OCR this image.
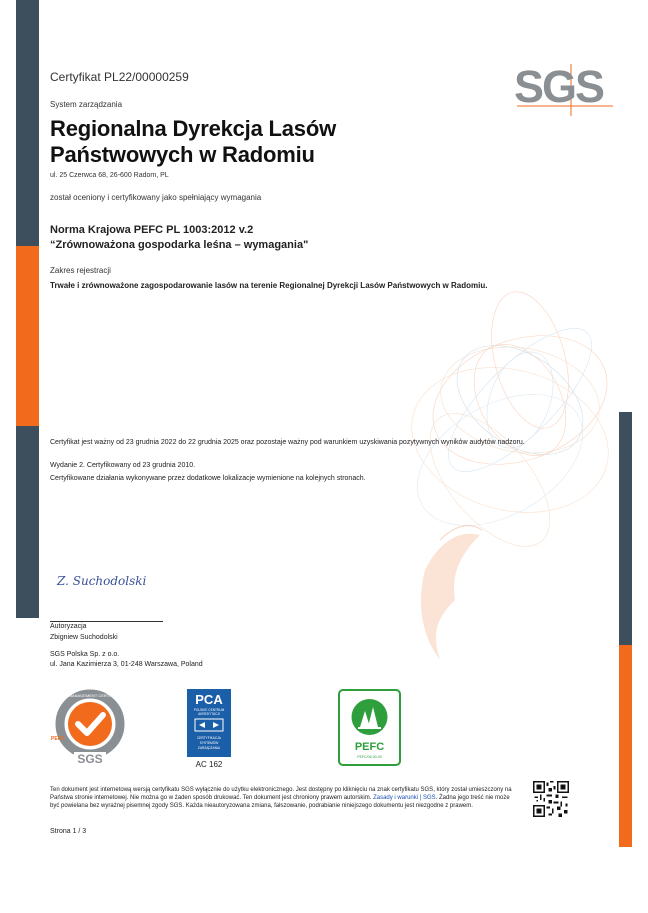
SGS
Certyfikat PL22/00000259
System zarządzania
Regionalna Dyrekcja Lasów
Państwowych w Radomiu
ul. 25 Czerwca 68, 26-600 Radom, PL
został oceniony i certyfikowany jako spełniający wymagania
Norma Krajowa PEFC PL 1003:2012 v.2
“Zrównoważona gospodarka leśna – wymagania"
Zakres rejestracji
Trwałe i zrównoważone zagospodarowanie lasów na terenie Regionalnej Dyrekcji Lasów Państwowych w Radomiu.
Certyfikat jest ważny od 23 grudnia 2022 do 22 grudnia 2025 oraz pozostaje ważny pod warunkiem uzyskiwania pozytywnych wyników audytów nadzoru.
Wydanie 2. Certyfikowany od 23 grudnia 2010.
Certyfikowane działania wykonywane przez dodatkowe lokalizacje wymienione na kolejnych stronach.
Z. Suchodolski
Autoryzacja
Zbigniew Suchodolski
SGS Polska Sp. z o.o.
ul. Jana Kazimierza 3, 01-248 Warszawa, Poland
FOREST MANAGEMENT CERTIFICATION
PEFC
SGS
PCA
POLSKIE CENTRUM
AKREDYTACJI
CERTYFIKACJA
SYSTEMÓW
ZARZĄDZANIA
AC 162
PEFC
PEFC/06-00-00
Ten dokument jest internetową wersją certyfikatu SGS wyłącznie do użytku elektronicznego. Jest dostępny po kliknięciu na znak certyfikatu SGS, który został umieszczony na Państwa stronie internetowej. Nie można go w żaden sposób drukować. Ten dokument jest chroniony prawem autorskim. Zasady i warunki | SGS. Żadna jego treść nie może być powielana bez wyrażnej pisemnej zgody SGS. Każda nieautoryzowana zmiana, fałszowanie, podrabianie niniejszego dokumentu jest niezgodne z prawem.
Strona 1 / 3
